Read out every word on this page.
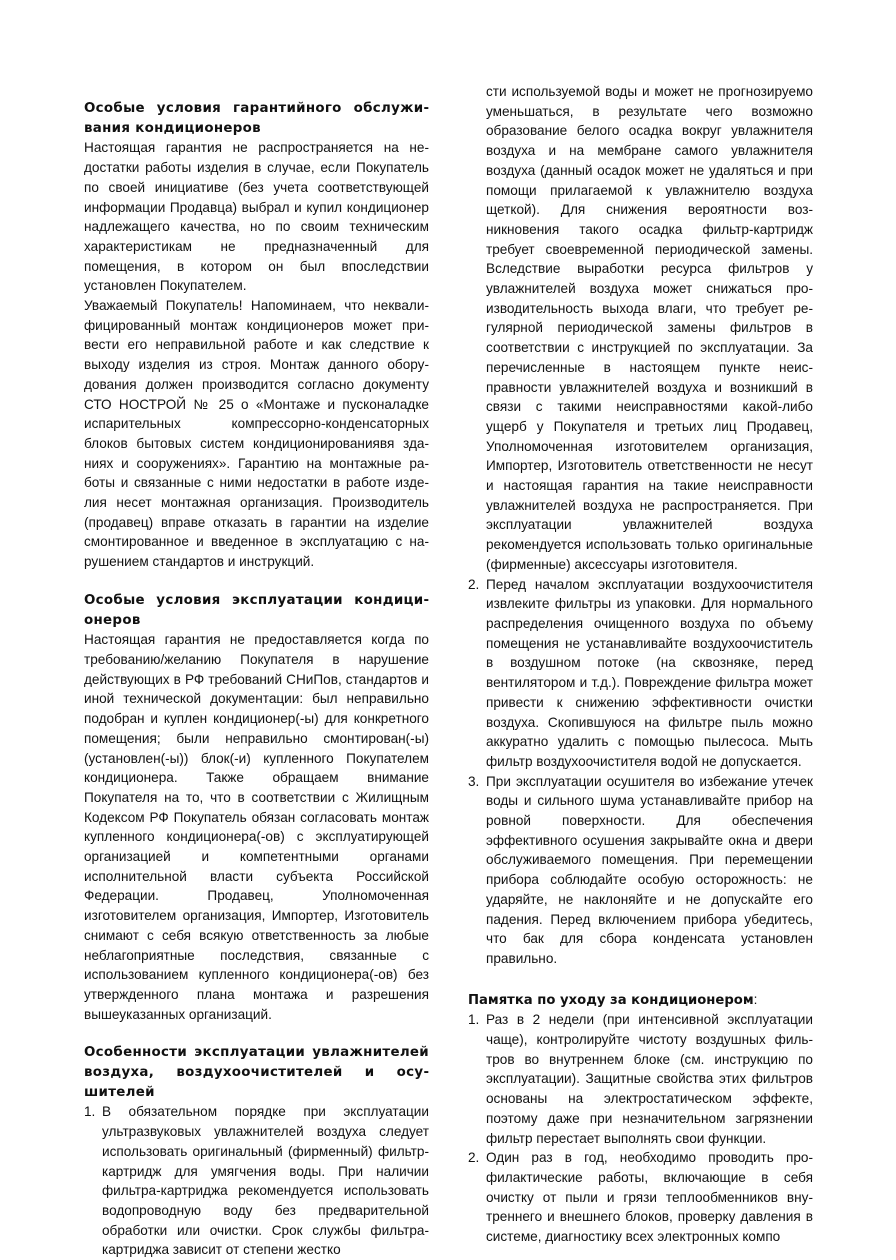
Особые условия гарантийного обслуживания кондиционеров

Настоящая гарантия не распространяется на недостатки работы изделия в случае, если Покупатель по своей инициативе (без учета соответствующей информации Продавца) выбрал и купил кондиционер надлежащего качества, но по своим техническим характеристикам не предназначенный для помещения, в котором он был впоследствии установлен Покупателем.

Уважаемый Покупатель! Напоминаем, что неквалифицированный монтаж кондиционеров может привести его неправильной работе и как следствие к выходу изделия из строя. Монтаж данного оборудования должен производится согласно документу СТО НОСТРОЙ № 25 о «Монтаже и пусконаладке испарительных компрессорно-конденсаторных блоков бытовых систем кондиционированиявя зданиях и сооружениях». Гарантию на монтажные работы и связанные с ними недостатки в работе изделия несет монтажная организация. Производитель (продавец) вправе отказать в гарантии на изделие смонтированное и введенное в эксплуатацию с нарушением стандартов и инструкций.

Особые условия эксплуатации кондиционеров

Настоящая гарантия не предоставляется когда по требованию/желанию Покупателя в нарушение действующих в РФ требований СНиПов, стандартов и иной технической документации: был неправильно подобран и куплен кондиционер(-ы) для конкретного помещения; были неправильно смонтирован(-ы) (установлен(-ы)) блок(-и) купленного Покупателем кондиционера. Также обращаем внимание Покупателя на то, что в соответствии с Жилищным Кодексом РФ Покупатель обязан согласовать монтаж купленного кондиционера(-ов) с эксплуатирующей организацией и компетентными органами исполнительной власти субъекта Российской Федерации. Продавец, Уполномоченная изготовителем организация, Импортер, Изготовитель снимают с себя всякую ответственность за любые неблагоприятные последствия, связанные с использованием купленного кондиционера(-ов) без утвержденного плана монтажа и разрешения вышеуказанных организаций.

Особенности эксплуатации увлажнителей воздуха, воздухоочистителей и осушителей
1. В обязательном порядке при эксплуатации ультразвуковых увлажнителей воздуха следует использовать оригинальный (фирменный) фильтр-картридж для умягчения воды. При наличии фильтра-картриджа рекомендуется использовать водопроводную воду без предварительной обработки или очистки. Срок службы фильтра-картриджа зависит от степени жестко
сти используемой воды и может не прогнозируемо уменьшаться, в результате чего возможно образование белого осадка вокруг увлажнителя воздуха и на мембране самого увлажнителя воздуха (данный осадок может не удаляться и при помощи прилагаемой к увлажнителю воздуха щеткой). Для снижения вероятности возникновения такого осадка фильтр-картридж требует своевременной периодической замены. Вследствие выработки ресурса фильтров у увлажнителей воздуха может снижаться производительность выхода влаги, что требует регулярной периодической замены фильтров в соответствии с инструкцией по эксплуатации. За перечисленные в настоящем пункте неисправности увлажнителей воздуха и возникший в связи с такими неисправностями какой-либо ущерб у Покупателя и третьих лиц Продавец, Уполномоченная изготовителем организация, Импортер, Изготовитель ответственности не несут и настоящая гарантия на такие неисправности увлажнителей воздуха не распространяется. При эксплуатации увлажнителей воздуха рекомендуется использовать только оригинальные (фирменные) аксессуары изготовителя.
2. Перед началом эксплуатации воздухоочистителя извлеките фильтры из упаковки. Для нормального распределения очищенного воздуха по объему помещения не устанавливайте воздухоочиститель в воздушном потоке (на сквозняке, перед вентилятором и т.д.). Повреждение фильтра может привести к снижению эффективности очистки воздуха. Скопившуюся на фильтре пыль можно аккуратно удалить с помощью пылесоса. Мыть фильтр воздухоочистителя водой не допускается.
3. При эксплуатации осушителя во избежание утечек воды и сильного шума устанавливайте прибор на ровной поверхности. Для обеспечения эффективного осушения закрывайте окна и двери обслуживаемого помещения. При перемещении прибора соблюдайте особую осторожность: не ударяйте, не наклоняйте и не допускайте его падения. Перед включением прибора убедитесь, что бак для сбора конденсата установлен правильно.
Памятка по уходу за кондиционером:
1. Раз в 2 недели (при интенсивной эксплуатации чаще), контролируйте чистоту воздушных фильтров во внутреннем блоке (см. инструкцию по эксплуатации). Защитные свойства этих фильтров основаны на электростатическом эффекте, поэтому даже при незначительном загрязнении фильтр перестает выполнять свои функции.
2. Один раз в год, необходимо проводить профилактические работы, включающие в себя очистку от пыли и грязи теплообменников внутреннего и внешнего блоков, проверку давления в системе, диагностику всех электронных компо
